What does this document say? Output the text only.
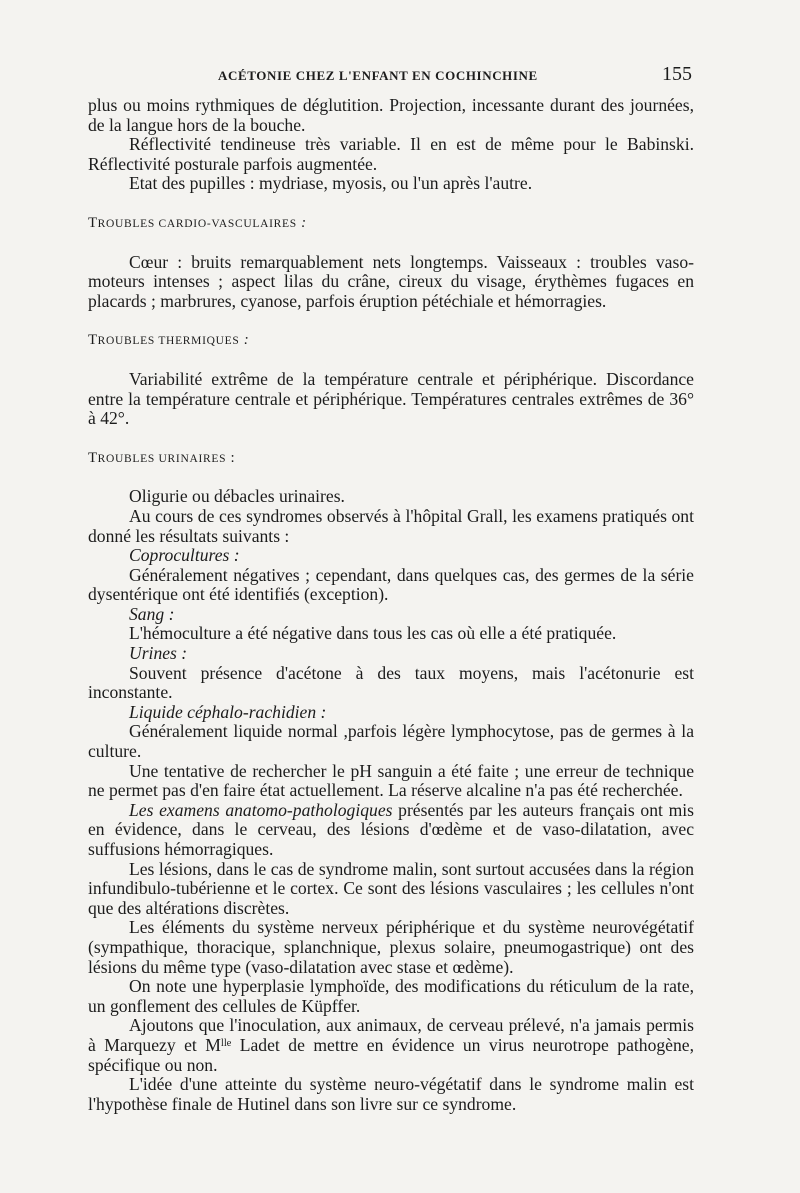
ACÉTONIE CHEZ L'ENFANT EN COCHINCHINE	155

plus ou moins rythmiques de déglutition. Projection, incessante durant des journées, de la langue hors de la bouche.

Réflectivité tendineuse très variable. Il en est de même pour le Babinski. Réflectivité posturale parfois augmentée.

Etat des pupilles : mydriase, myosis, ou l'un après l'autre.

TROUBLES CARDIO-VASCULAIRES :

Cœur : bruits remarquablement nets longtemps. Vaisseaux : troubles vaso-moteurs intenses ; aspect lilas du crâne, cireux du visage, érythèmes fugaces en placards ; marbrures, cyanose, parfois éruption pétéchiale et hémorragies.

TROUBLES THERMIQUES :

Variabilité extrême de la température centrale et périphérique. Discordance entre la température centrale et périphérique. Températures centrales extrêmes de 36° à 42°.

TROUBLES URINAIRES :

Oligurie ou débacles urinaires.

Au cours de ces syndromes observés à l'hôpital Grall, les examens pratiqués ont donné les résultats suivants :

Coprocultures :

Généralement négatives ; cependant, dans quelques cas, des germes de la série dysentérique ont été identifiés (exception).

Sang :

L'hémoculture a été négative dans tous les cas où elle a été pratiquée.

Urines :

Souvent présence d'acétone à des taux moyens, mais l'acétonurie est inconstante.

Liquide céphalo-rachidien :

Généralement liquide normal ,parfois légère lymphocytose, pas de germes à la culture.

Une tentative de rechercher le pH sanguin a été faite ; une erreur de technique ne permet pas d'en faire état actuellement. La réserve alcaline n'a pas été recherchée.

Les examens anatomo-pathologiques présentés par les auteurs français ont mis en évidence, dans le cerveau, des lésions d'œdème et de vaso-dilatation, avec suffusions hémorragiques.

Les lésions, dans le cas de syndrome malin, sont surtout accusées dans la région infundibulo-tubérienne et le cortex. Ce sont des lésions vasculaires ; les cellules n'ont que des altérations discrètes.

Les éléments du système nerveux périphérique et du système neurovégétatif (sympathique, thoracique, splanchnique, plexus solaire, pneumogastrique) ont des lésions du même type (vaso-dilatation avec stase et œdème).

On note une hyperplasie lymphoïde, des modifications du réticulum de la rate, un gonflement des cellules de Küpffer.

Ajoutons que l'inoculation, aux animaux, de cerveau prélevé, n'a jamais permis à Marquezy et Mˡˡᵉ Ladet de mettre en évidence un virus neurotrope pathogène, spécifique ou non.

L'idée d'une atteinte du système neuro-végétatif dans le syndrome malin est l'hypothèse finale de Hutinel dans son livre sur ce syndrome.
